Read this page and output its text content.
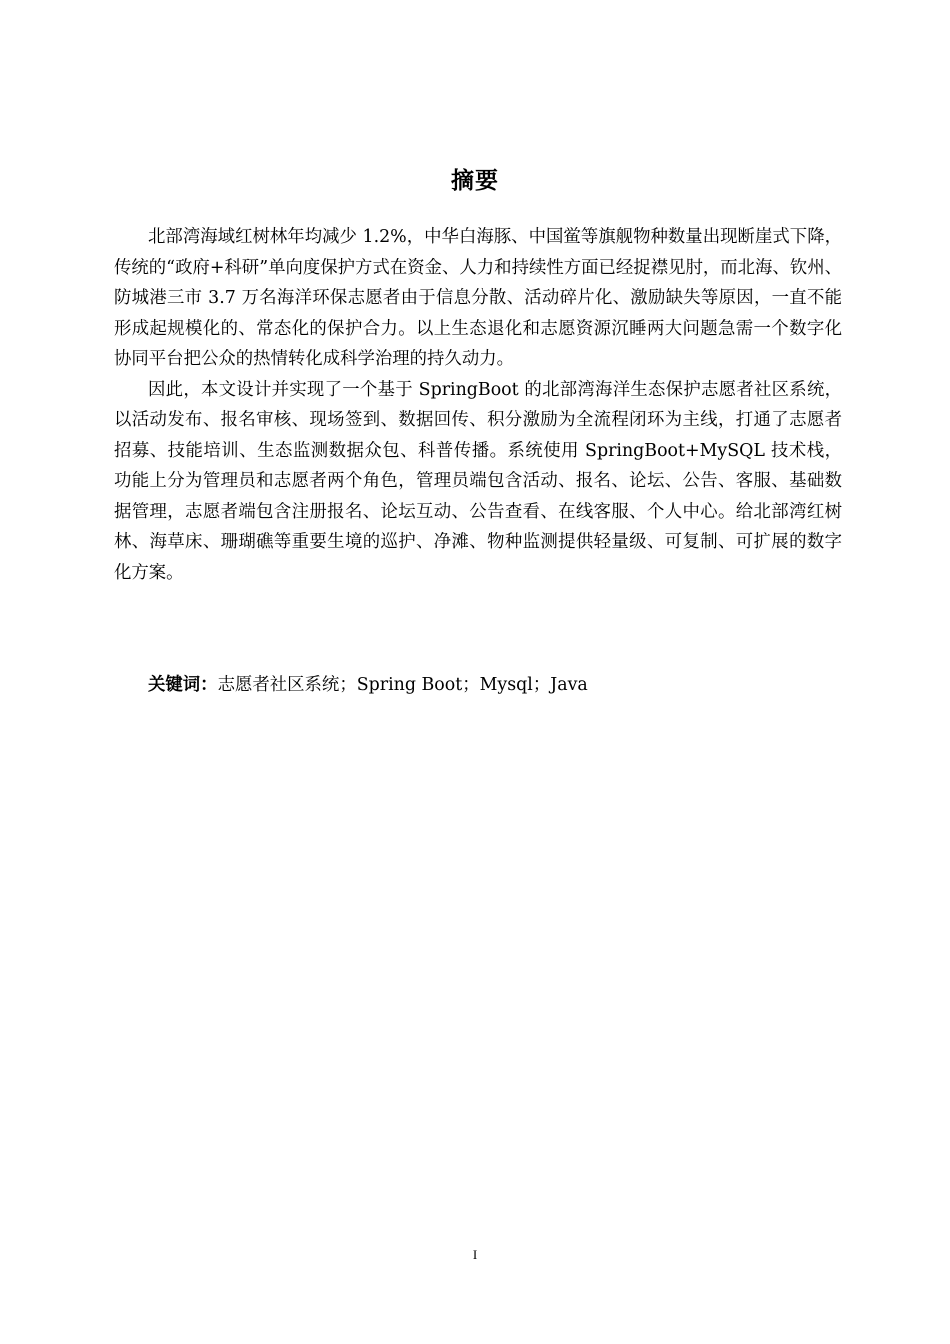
摘要

北部湾海域红树林年均减少 1.2%，中华白海豚、中国鲎等旗舰物种数量出现断崖式下降，传统的“政府+科研”单向度保护方式在资金、人力和持续性方面已经捉襟见肘，而北海、钦州、防城港三市 3.7 万名海洋环保志愿者由于信息分散、活动碎片化、激励缺失等原因，一直不能形成起规模化的、常态化的保护合力。以上生态退化和志愿资源沉睡两大问题急需一个数字化协同平台把公众的热情转化成科学治理的持久动力。

因此，本文设计并实现了一个基于 SpringBoot 的北部湾海洋生态保护志愿者社区系统，以活动发布、报名审核、现场签到、数据回传、积分激励为全流程闭环为主线，打通了志愿者招募、技能培训、生态监测数据众包、科普传播。系统使用 SpringBoot+MySQL 技术栈，功能上分为管理员和志愿者两个角色，管理员端包含活动、报名、论坛、公告、客服、基础数据管理，志愿者端包含注册报名、论坛互动、公告查看、在线客服、个人中心。给北部湾红树林、海草床、珊瑚礁等重要生境的巡护、净滩、物种监测提供轻量级、可复制、可扩展的数字化方案。

关键词：志愿者社区系统；Spring Boot；Mysql；Java
I
